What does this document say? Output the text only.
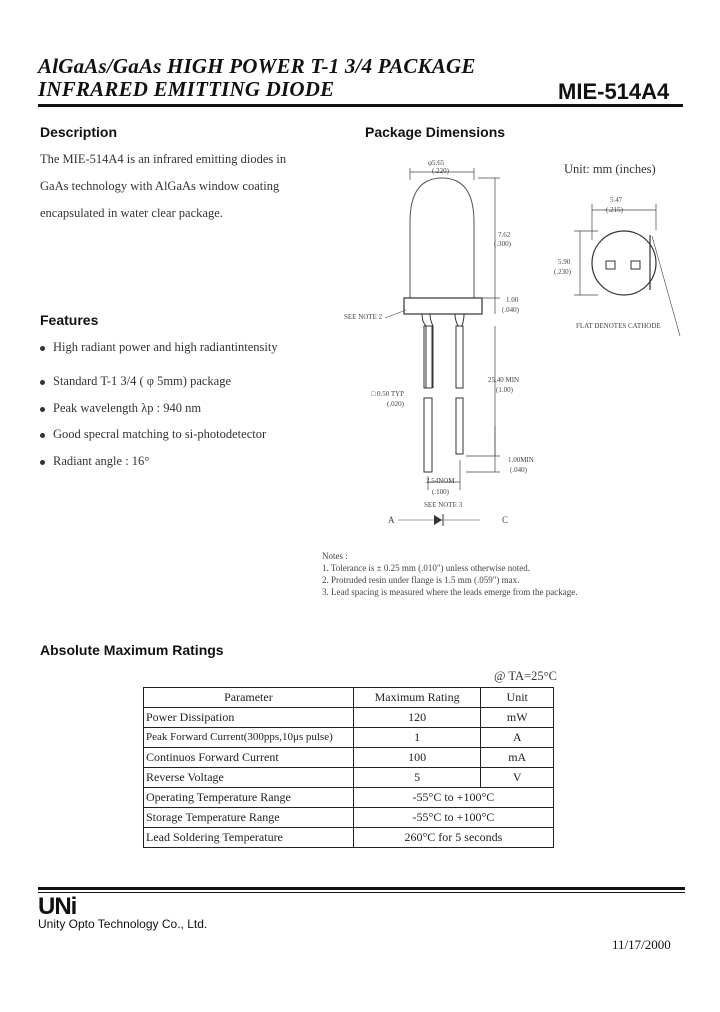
AlGaAs/GaAs HIGH POWER T-1 3/4 PACKAGE
INFRARED EMITTING DIODE	MIE-514A4
Description
The MIE-514A4 is an infrared emitting diodes in
GaAs technology with AlGaAs window coating
encapsulated in water clear package.
Features
High radiant power and high radiantintensity
Standard T-1 3/4 ( φ 5mm) package
Peak wavelength λp : 940 nm
Good specral matching to si-photodetector
Radiant angle : 16°
Package Dimensions
Unit: mm (inches)
φ5.65
(.220)
7.62
(.300)
1.00
(.040)
25.40 MIN
(1.00)
1.00MIN
(.040)
□ 0.50 TYP
(.020)
2.54NOM
(.100)
SEE NOTE 2
SEE NOTE 3
5.47
(.215)
5.90
(.230)
FLAT DENOTES CATHODE
A	C
Notes :
1. Tolerance is ± 0.25 mm (.010") unless otherwise noted.
2. Protruded resin under flange is 1.5 mm (.059") max.
3. Lead spacing is measured where the leads emerge from the package.
Absolute Maximum Ratings
@ TA=25°C
Parameter	Maximum Rating	Unit
Power Dissipation	120	mW
Peak Forward Current(300pps,10μs pulse)	1	A
Continuos Forward Current	100	mA
Reverse Voltage	5	V
Operating Temperature Range	-55°C to +100°C	
Storage Temperature Range	-55°C to +100°C	
Lead Soldering Temperature	260°C for 5 seconds	
UNi
Unity Opto Technology Co., Ltd.
11/17/2000
